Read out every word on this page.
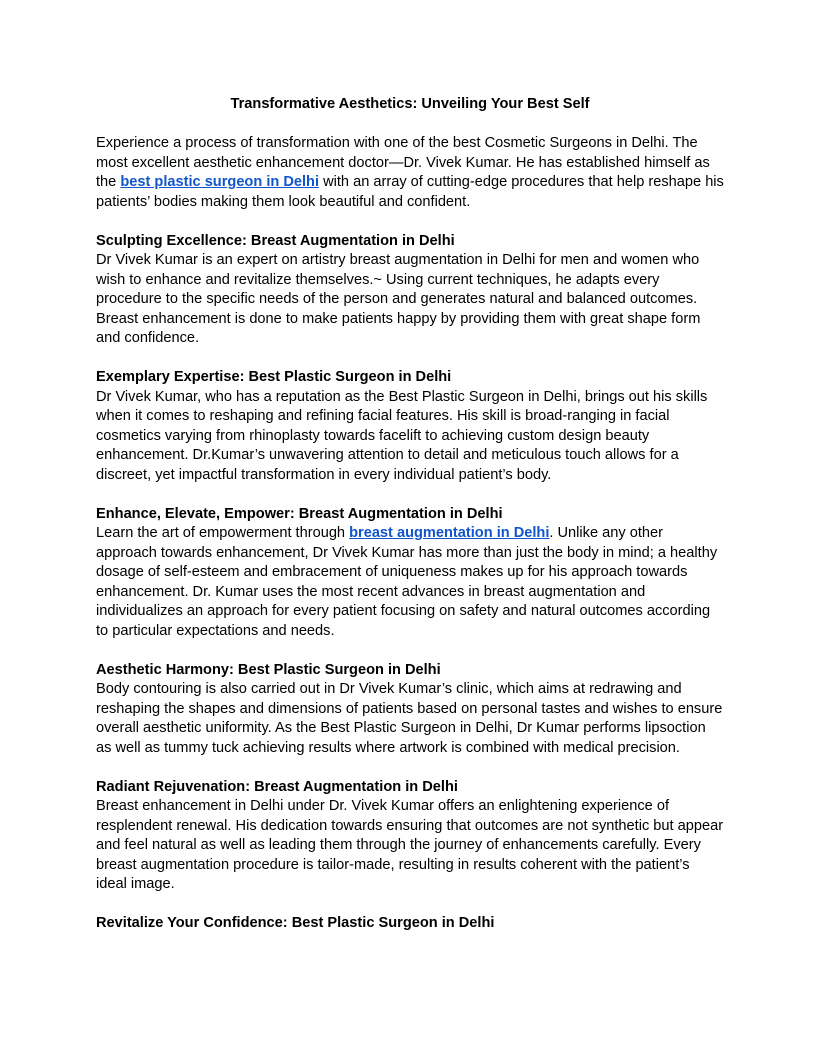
Transformative Aesthetics: Unveiling Your Best Self

Experience a process of transformation with one of the best Cosmetic Surgeons in Delhi. The most excellent aesthetic enhancement doctor—Dr. Vivek Kumar. He has established himself as the best plastic surgeon in Delhi with an array of cutting-edge procedures that help reshape his patients’ bodies making them look beautiful and confident.

Sculpting Excellence: Breast Augmentation in Delhi

Dr Vivek Kumar is an expert on artistry breast augmentation in Delhi for men and women who wish to enhance and revitalize themselves.~ Using current techniques, he adapts every procedure to the specific needs of the person and generates natural and balanced outcomes. Breast enhancement is done to make patients happy by providing them with great shape form and confidence.

Exemplary Expertise: Best Plastic Surgeon in Delhi

Dr Vivek Kumar, who has a reputation as the Best Plastic Surgeon in Delhi, brings out his skills when it comes to reshaping and refining facial features. His skill is broad-ranging in facial cosmetics varying from rhinoplasty towards facelift to achieving custom design beauty enhancement. Dr.Kumar’s unwavering attention to detail and meticulous touch allows for a discreet, yet impactful transformation in every individual patient’s body.

Enhance, Elevate, Empower: Breast Augmentation in Delhi

Learn the art of empowerment through breast augmentation in Delhi. Unlike any other approach towards enhancement, Dr Vivek Kumar has more than just the body in mind; a healthy dosage of self-esteem and embracement of uniqueness makes up for his approach towards enhancement. Dr. Kumar uses the most recent advances in breast augmentation and individualizes an approach for every patient focusing on safety and natural outcomes according to particular expectations and needs.

Aesthetic Harmony: Best Plastic Surgeon in Delhi

Body contouring is also carried out in Dr Vivek Kumar’s clinic, which aims at redrawing and reshaping the shapes and dimensions of patients based on personal tastes and wishes to ensure overall aesthetic uniformity. As the Best Plastic Surgeon in Delhi, Dr Kumar performs lipsoction as well as tummy tuck achieving results where artwork is combined with medical precision.

Radiant Rejuvenation: Breast Augmentation in Delhi

Breast enhancement in Delhi under Dr. Vivek Kumar offers an enlightening experience of resplendent renewal. His dedication towards ensuring that outcomes are not synthetic but appear and feel natural as well as leading them through the journey of enhancements carefully. Every breast augmentation procedure is tailor-made, resulting in results coherent with the patient’s ideal image.

Revitalize Your Confidence: Best Plastic Surgeon in Delhi
